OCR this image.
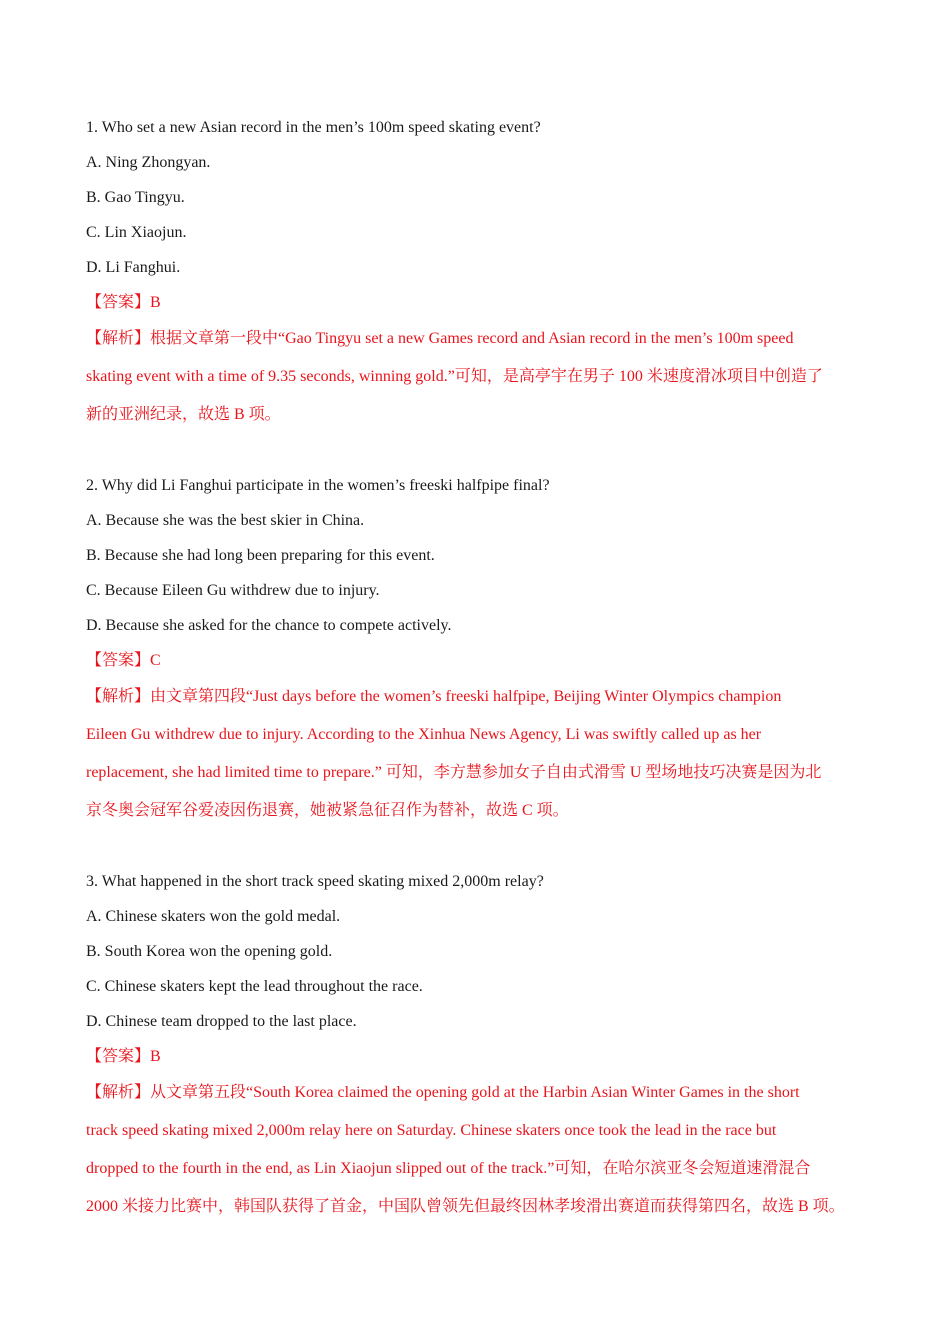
1. Who set a new Asian record in the men’s 100m speed skating event?
A. Ning Zhongyan.
B. Gao Tingyu.
C. Lin Xiaojun.
D. Li Fanghui.
【答案】B

【解析】根据文章第一段中“Gao Tingyu set a new Games record and Asian record in the men’s 100m speed

skating event with a time of 9.35 seconds, winning gold.”可知，是高亭宇在男子 100 米速度滑冰项目中创造了

新的亚洲纪录，故选 B 项。

2. Why did Li Fanghui participate in the women’s freeski halfpipe final?
A. Because she was the best skier in China.
B. Because she had long been preparing for this event.
C. Because Eileen Gu withdrew due to injury.
D. Because she asked for the chance to compete actively.
【答案】C

【解析】由文章第四段“Just days before the women’s freeski halfpipe, Beijing Winter Olympics champion

Eileen Gu withdrew due to injury. According to the Xinhua News Agency, Li was swiftly called up as her

replacement, she had limited time to prepare.” 可知，李方慧参加女子自由式滑雪 U 型场地技巧决赛是因为北

京冬奥会冠军谷爱凌因伤退赛，她被紧急征召作为替补，故选 C 项。

3. What happened in the short track speed skating mixed 2,000m relay?
A. Chinese skaters won the gold medal.
B. South Korea won the opening gold.
C. Chinese skaters kept the lead throughout the race.
D. Chinese team dropped to the last place.
【答案】B

【解析】从文章第五段“South Korea claimed the opening gold at the Harbin Asian Winter Games in the short

track speed skating mixed 2,000m relay here on Saturday. Chinese skaters once took the lead in the race but

dropped to the fourth in the end, as Lin Xiaojun slipped out of the track.”可知，在哈尔滨亚冬会短道速滑混合

2000 米接力比赛中，韩国队获得了首金，中国队曾领先但最终因林孝埈滑出赛道而获得第四名，故选 B 项。
